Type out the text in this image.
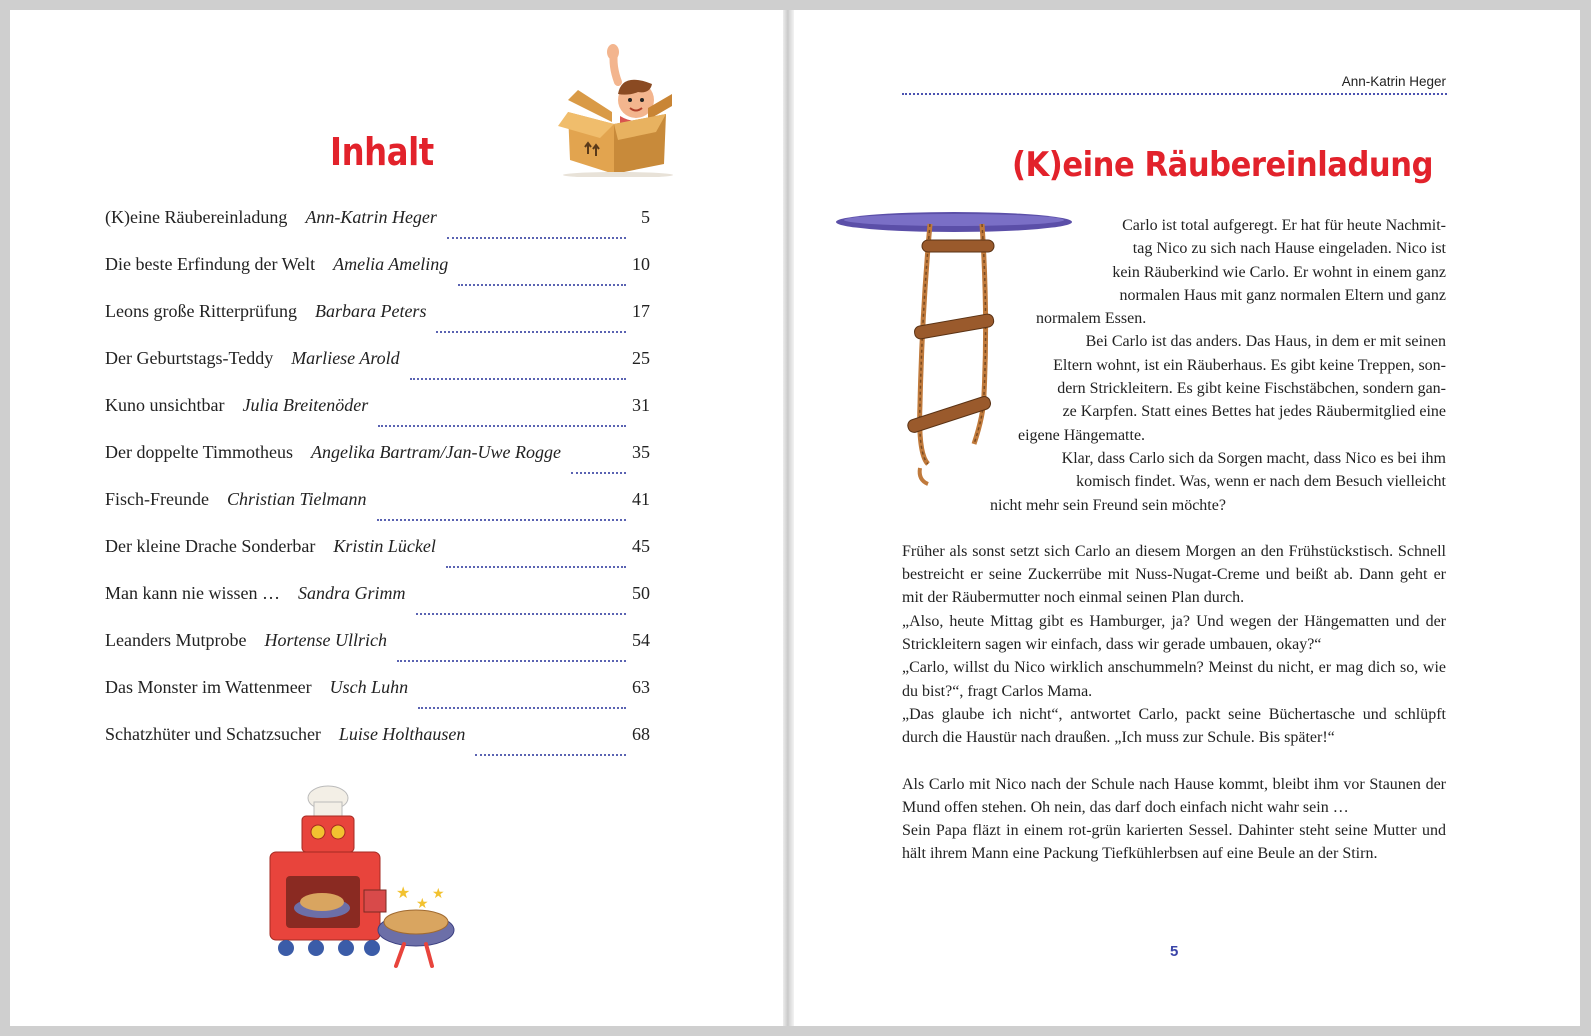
Inhalt
(K)eine Räubereinladung Ann-Katrin Heger	5
Die beste Erfindung der Welt Amelia Ameling	10
Leons große Ritterprüfung Barbara Peters	17
Der Geburtstags-Teddy Marliese Arold	25
Kuno unsichtbar Julia Breitenöder	31
Der doppelte Timmotheus Angelika Bartram/Jan-Uwe Rogge	35
Fisch-Freunde Christian Tielmann	41
Der kleine Drache Sonderbar Kristin Lückel	45
Man kann nie wissen … Sandra Grimm	50
Leanders Mutprobe Hortense Ullrich	54
Das Monster im Wattenmeer Usch Luhn	63
Schatzhüter und Schatzsucher Luise Holthausen	68
★
★
★
Ann-Katrin Heger
(K)eine Räubereinladung
Carlo ist total aufgeregt. Er hat für heute Nachmit-
tag Nico zu sich nach Hause eingeladen. Nico ist
kein Räuberkind wie Carlo. Er wohnt in einem ganz
normalen Haus mit ganz normalen Eltern und ganz
normalem Essen.
Bei Carlo ist das anders. Das Haus, in dem er mit seinen
Eltern wohnt, ist ein Räuberhaus. Es gibt keine Treppen, son-
dern Strickleitern. Es gibt keine Fischstäbchen, sondern gan-
ze Karpfen. Statt eines Bettes hat jedes Räubermitglied eine
eigene Hängematte.
Klar, dass Carlo sich da Sorgen macht, dass Nico es bei ihm
komisch findet. Was, wenn er nach dem Besuch vielleicht
nicht mehr sein Freund sein möchte?

Früher als sonst setzt sich Carlo an diesem Morgen an den Frühstückstisch. Schnell bestreicht er seine Zuckerrübe mit Nuss-Nugat-Creme und beißt ab. Dann geht er mit der Räubermutter noch einmal seinen Plan durch.

„Also, heute Mittag gibt es Hamburger, ja? Und wegen der Hängematten und der Strickleitern sagen wir einfach, dass wir gerade umbauen, okay?“

„Carlo, willst du Nico wirklich anschummeln? Meinst du nicht, er mag dich so, wie du bist?“, fragt Carlos Mama.

„Das glaube ich nicht“, antwortet Carlo, packt seine Büchertasche und schlüpft durch die Haustür nach draußen. „Ich muss zur Schule. Bis später!“

Als Carlo mit Nico nach der Schule nach Hause kommt, bleibt ihm vor Staunen der Mund offen stehen. Oh nein, das darf doch einfach nicht wahr sein …

Sein Papa fläzt in einem rot-grün karierten Sessel. Dahinter steht seine Mutter und hält ihrem Mann eine Packung Tiefkühlerbsen auf eine Beule an der Stirn.

5
